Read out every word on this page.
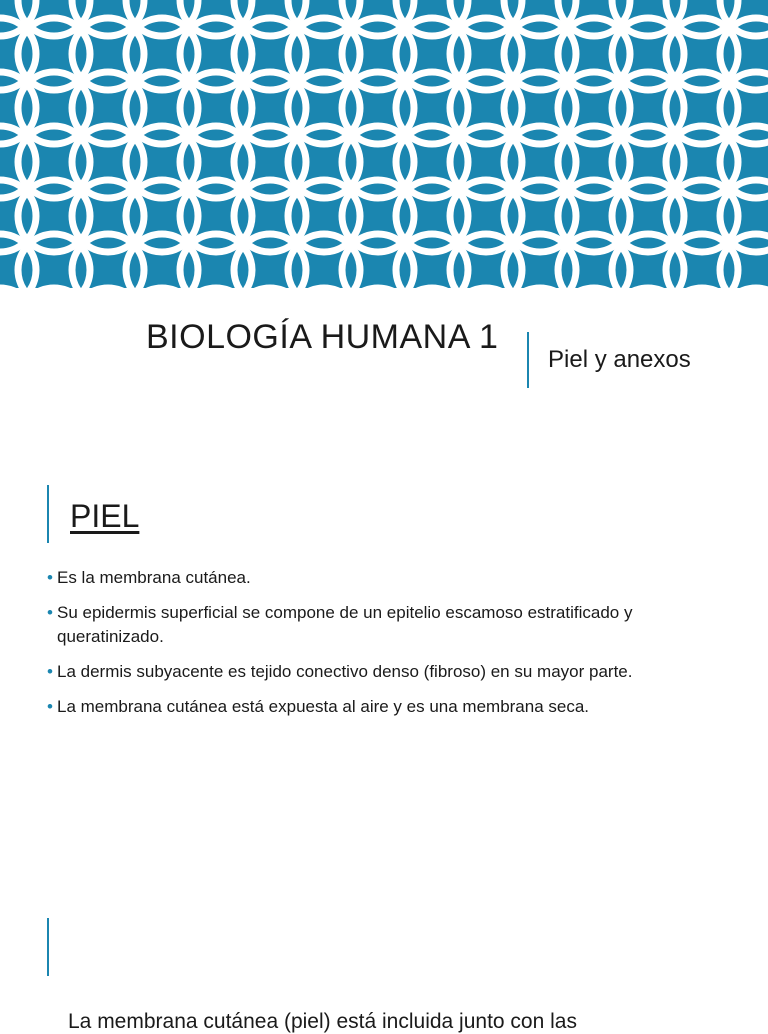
BIOLOGÍA HUMANA 1
Piel y anexos
PIEL
• Es la membrana cutánea.
• Su epidermis superficial se compone de un epitelio escamoso estratificado y queratinizado.
• La dermis subyacente es tejido conectivo denso (fibroso) en su mayor parte.
• La membrana cutánea está expuesta al aire y es una membrana seca.
La membrana cutánea (piel) está incluida junto con las
